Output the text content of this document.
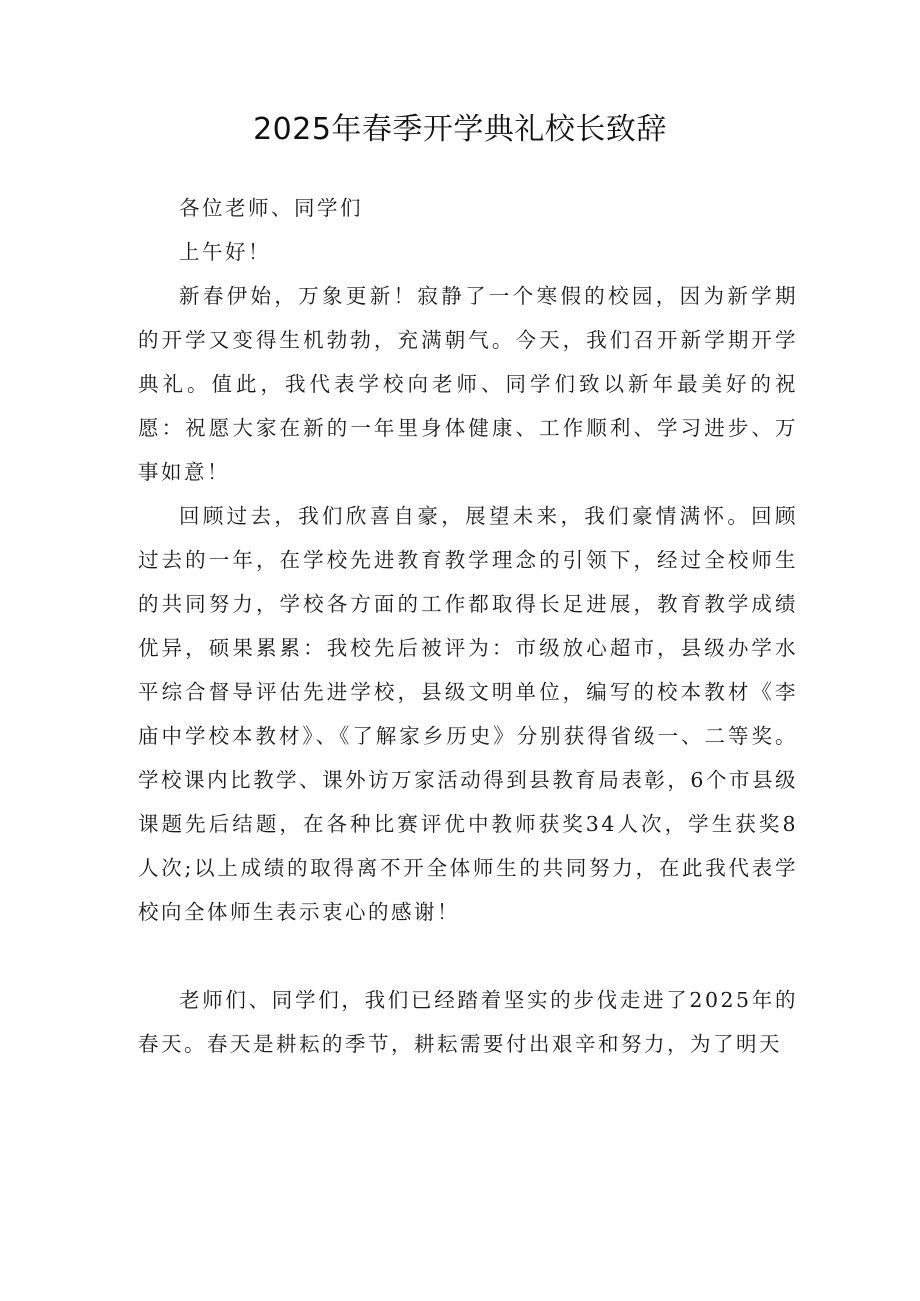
2025年春季开学典礼校长致辞

各位老师、同学们

上午好！

新春伊始，万象更新！寂静了一个寒假的校园，因为新学期的开学又变得生机勃勃，充满朝气。今天，我们召开新学期开学典礼。值此，我代表学校向老师、同学们致以新年最美好的祝愿：祝愿大家在新的一年里身体健康、工作顺利、学习进步、万事如意！

回顾过去，我们欣喜自豪，展望未来，我们豪情满怀。回顾过去的一年，在学校先进教育教学理念的引领下，经过全校师生的共同努力，学校各方面的工作都取得长足进展，教育教学成绩优异，硕果累累：我校先后被评为：市级放心超市，县级办学水平综合督导评估先进学校，县级文明单位，编写的校本教材《李庙中学校本教材》、《了解家乡历史》分别获得省级一、二等奖。学校课内比教学、课外访万家活动得到县教育局表彰，6个市县级课题先后结题，在各种比赛评优中教师获奖34人次，学生获奖8人次;以上成绩的取得离不开全体师生的共同努力，在此我代表学校向全体师生表示衷心的感谢！

老师们、同学们，我们已经踏着坚实的步伐走进了2025年的春天。春天是耕耘的季节，耕耘需要付出艰辛和努力，为了明天
